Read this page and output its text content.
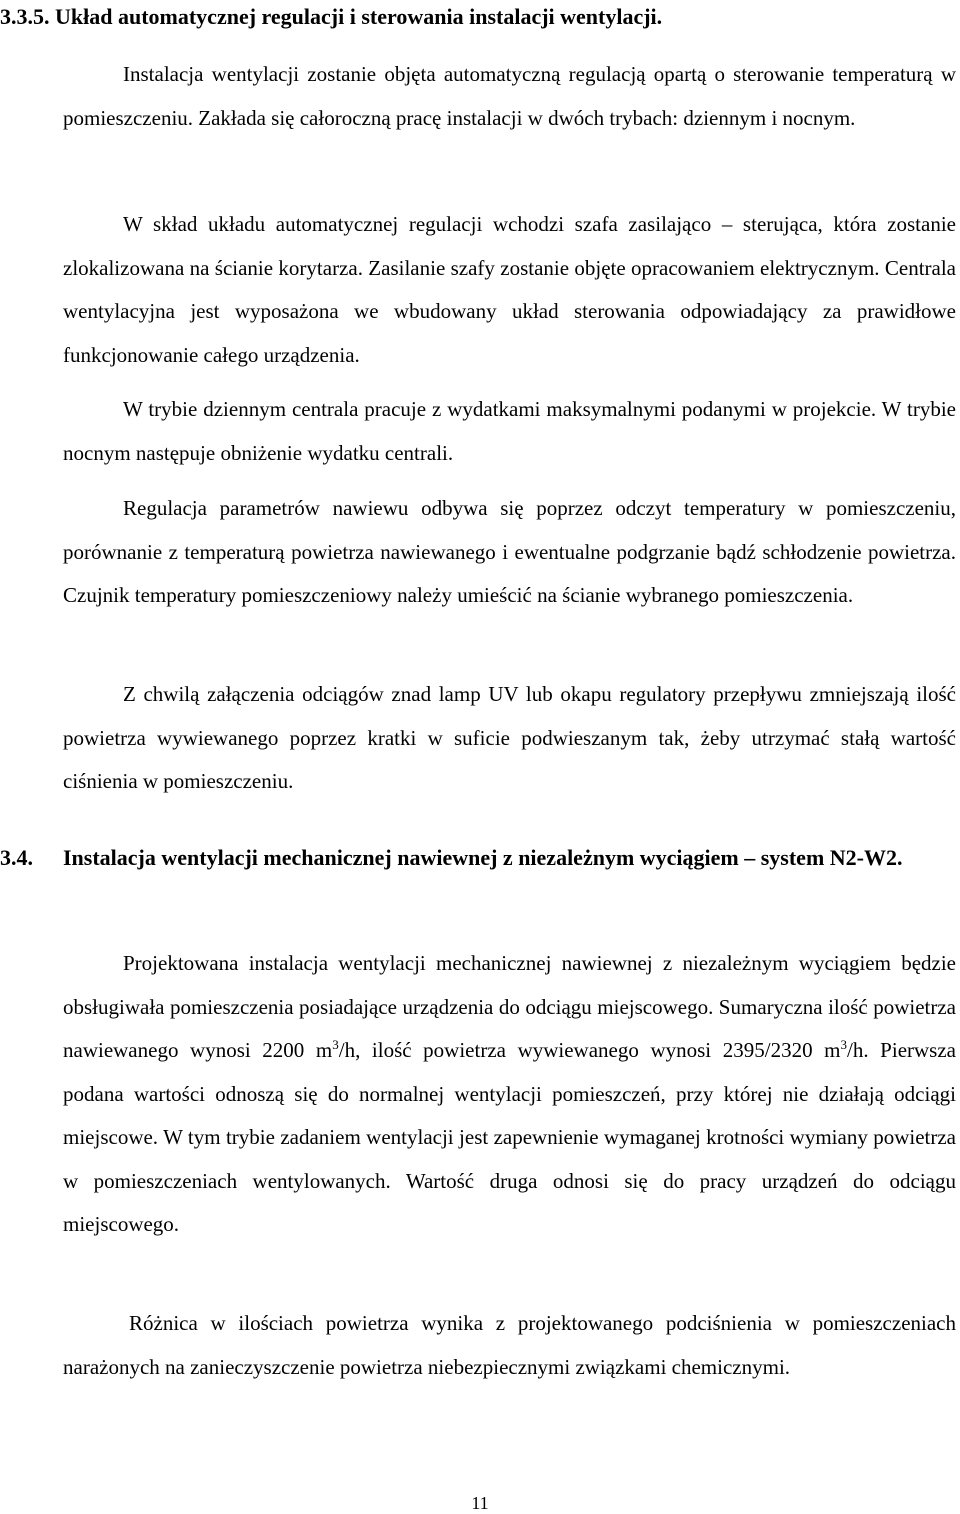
3.3.5. Układ automatycznej regulacji i sterowania instalacji wentylacji.

Instalacja wentylacji zostanie objęta automatyczną regulacją opartą o sterowanie temperaturą w pomieszczeniu. Zakłada się całoroczną pracę instalacji w dwóch trybach: dziennym i nocnym.

W skład układu automatycznej regulacji wchodzi szafa zasilająco – sterująca, która zostanie zlokalizowana na ścianie korytarza. Zasilanie szafy zostanie objęte opracowaniem elektrycznym. Centrala wentylacyjna jest wyposażona we wbudowany układ sterowania odpowiadający za prawidłowe funkcjonowanie całego urządzenia.

W trybie dziennym centrala pracuje z wydatkami maksymalnymi podanymi w projekcie. W trybie nocnym następuje obniżenie wydatku centrali.

Regulacja parametrów nawiewu odbywa się poprzez odczyt temperatury w pomieszczeniu, porównanie z temperaturą powietrza nawiewanego i ewentualne podgrzanie bądź schłodzenie powietrza. Czujnik temperatury pomieszczeniowy należy umieścić na ścianie wybranego pomieszczenia.

Z chwilą załączenia odciągów znad lamp UV lub okapu regulatory przepływu zmniejszają ilość powietrza wywiewanego poprzez kratki w suficie podwieszanym tak, żeby utrzymać stałą wartość ciśnienia w pomieszczeniu.

3.4. Instalacja wentylacji mechanicznej nawiewnej z niezależnym wyciągiem – system N2-W2.

Projektowana instalacja wentylacji mechanicznej nawiewnej z niezależnym wyciągiem będzie obsługiwała pomieszczenia posiadające urządzenia do odciągu miejscowego. Sumaryczna ilość powietrza nawiewanego wynosi 2200 $m^3/h$, ilość powietrza wywiewanego wynosi 2395/2320 $m^3/h$. Pierwsza podana wartości odnoszą się do normalnej wentylacji pomieszczeń, przy której nie działają odciągi miejscowe. W tym trybie zadaniem wentylacji jest zapewnienie wymaganej krotności wymiany powietrza w pomieszczeniach wentylowanych. Wartość druga odnosi się do pracy urządzeń do odciągu miejscowego.

Różnica w ilościach powietrza wynika z projektowanego podciśnienia w pomieszczeniach narażonych na zanieczyszczenie powietrza niebezpiecznymi związkami chemicznymi.

11
